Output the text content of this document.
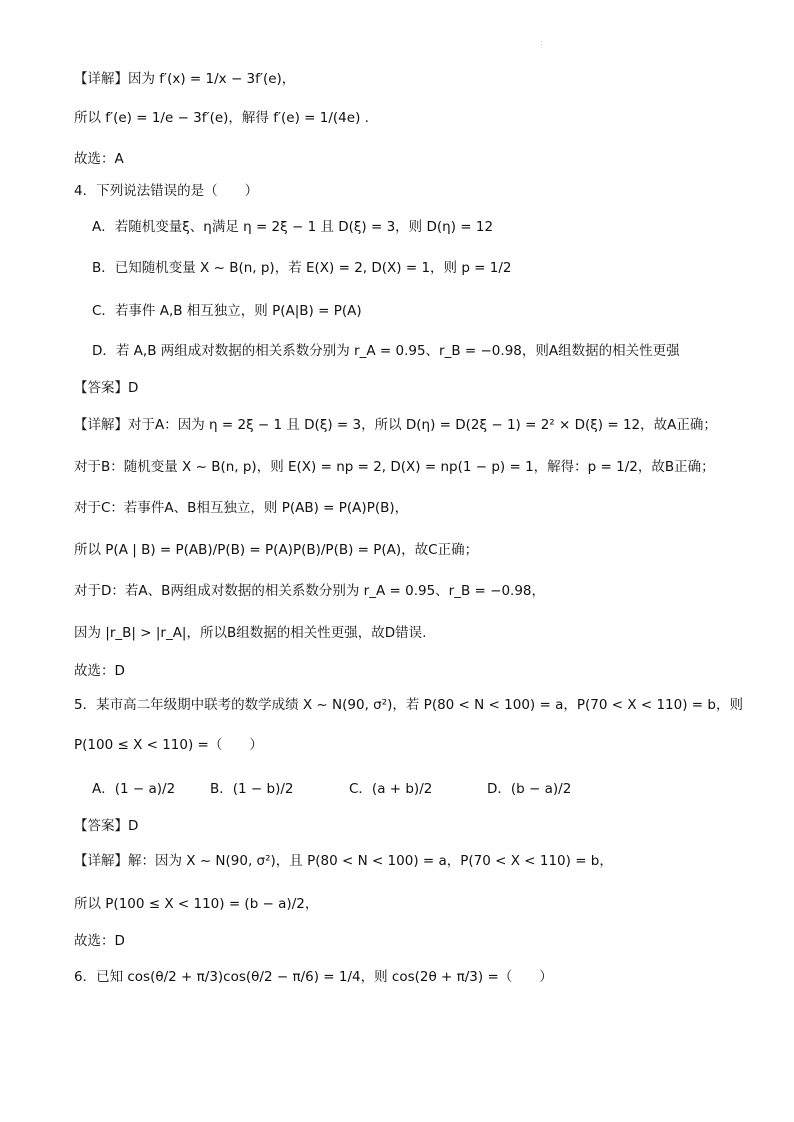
:
【详解】因为 f′(x) = 1/x − 3f′(e)，
所以 f′(e) = 1/e − 3f′(e)，解得 f′(e) = 1/(4e) .
故选：A
4．下列说法错误的是（　　）
A．若随机变量ξ、η满足 η = 2ξ − 1 且 D(ξ) = 3，则 D(η) = 12
B．已知随机变量 X ~ B(n, p)，若 E(X) = 2, D(X) = 1，则 p = 1/2
C．若事件 A,B 相互独立，则 P(A|B) = P(A)
D．若 A,B 两组成对数据的相关系数分别为 r_A = 0.95、r_B = −0.98，则A组数据的相关性更强
【答案】D
【详解】对于A：因为 η = 2ξ − 1 且 D(ξ) = 3，所以 D(η) = D(2ξ − 1) = 2² × D(ξ) = 12，故A正确；
对于B：随机变量 X ~ B(n, p)，则 E(X) = np = 2, D(X) = np(1 − p) = 1，解得：p = 1/2，故B正确；
对于C：若事件A、B相互独立，则 P(AB) = P(A)P(B)，
所以 P(A | B) = P(AB)/P(B) = P(A)P(B)/P(B) = P(A)，故C正确；
对于D：若A、B两组成对数据的相关系数分别为 r_A = 0.95、r_B = −0.98，
因为 |r_B| > |r_A|，所以B组数据的相关性更强，故D错误.
故选：D
5．某市高二年级期中联考的数学成绩 X ~ N(90, σ²)，若 P(80 < N < 100) = a，P(70 < X < 110) = b，则
P(100 ≤ X < 110) =（　　）
A．(1 − a)/2	B．(1 − b)/2	C．(a + b)/2	D．(b − a)/2
【答案】D
【详解】解：因为 X ~ N(90, σ²)，且 P(80 < N < 100) = a，P(70 < X < 110) = b，
所以 P(100 ≤ X < 110) = (b − a)/2，
故选：D
6．已知 cos(θ/2 + π/3)cos(θ/2 − π/6) = 1/4，则 cos(2θ + π/3) =（　　）
